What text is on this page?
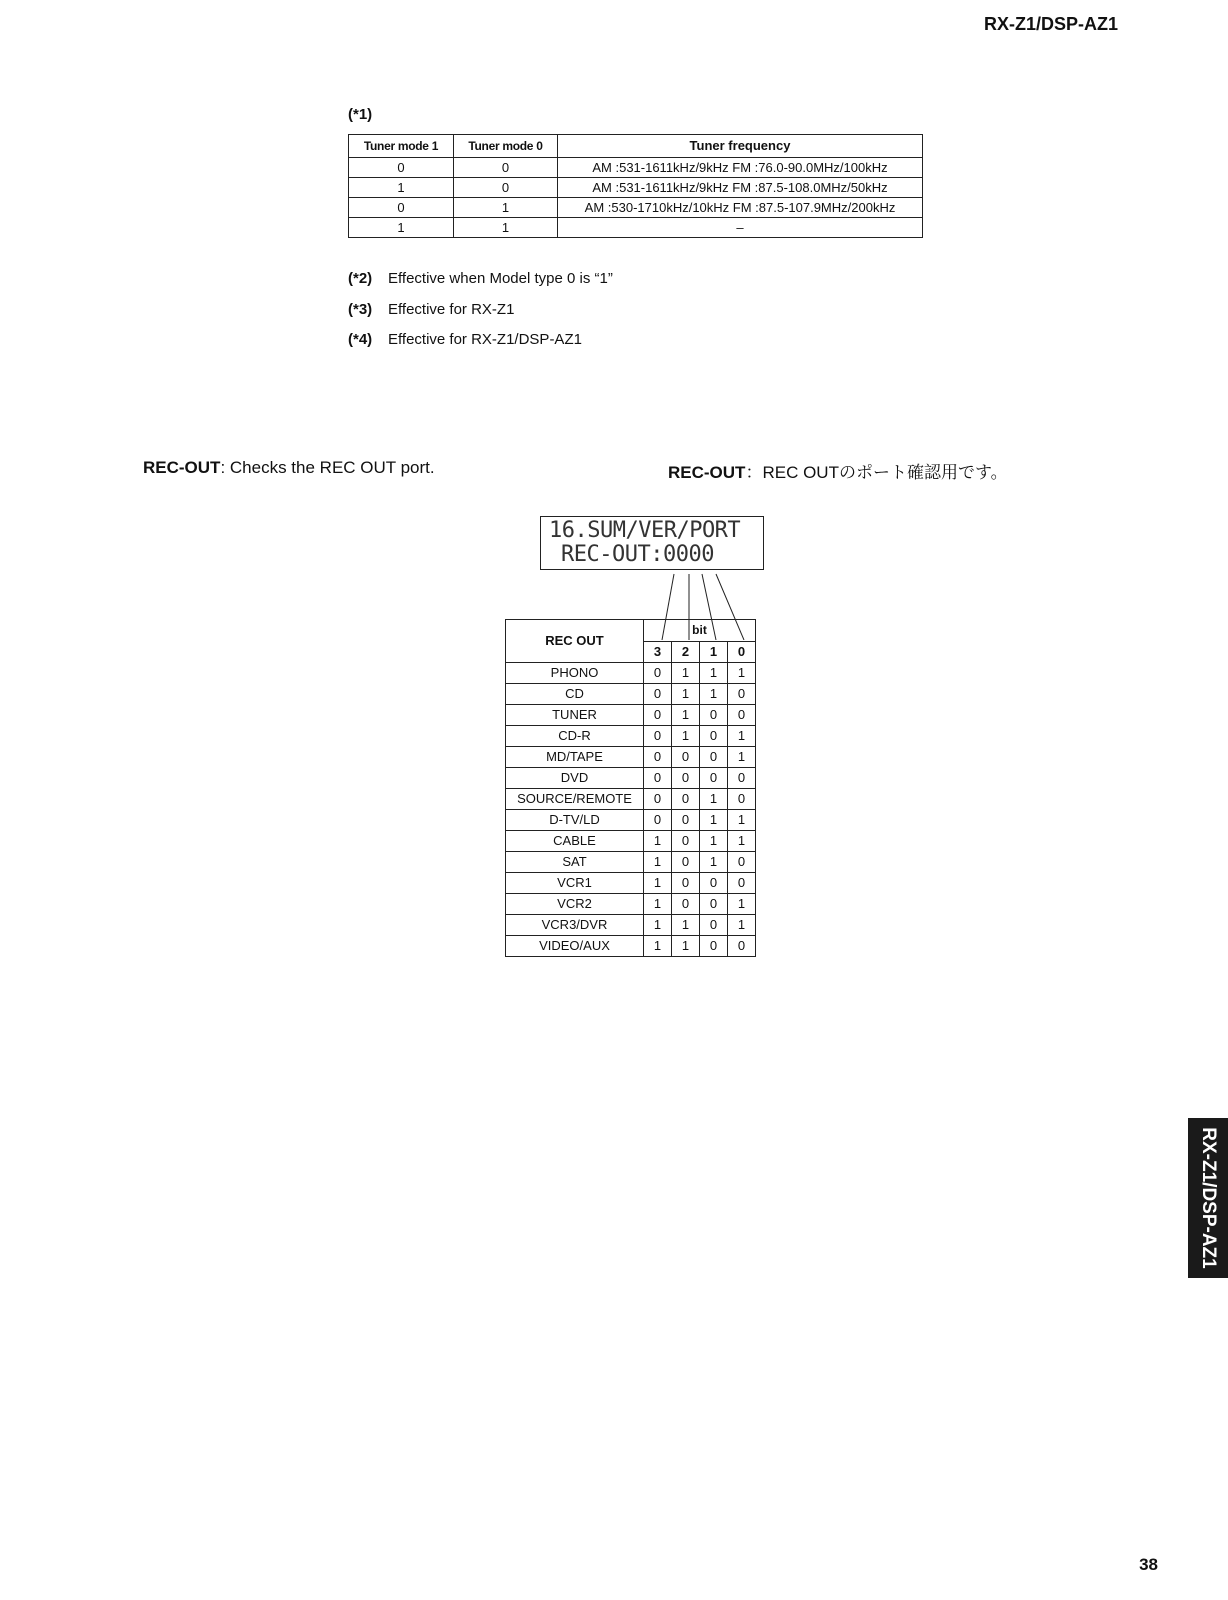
RX-Z1/DSP-AZ1
(*1)
Tuner mode 1	Tuner mode 0	Tuner frequency
0	0	AM :531-1611kHz/9kHz FM :76.0-90.0MHz/100kHz
1	0	AM :531-1611kHz/9kHz FM :87.5-108.0MHz/50kHz
0	1	AM :530-1710kHz/10kHz FM :87.5-107.9MHz/200kHz
1	1	–
(*2) Effective when Model type 0 is “1”
(*3) Effective for RX-Z1
(*4) Effective for RX-Z1/DSP-AZ1
REC-OUT: Checks the REC OUT port.	REC-OUT：REC OUTのポート確認用です。
16.SUM/VER/PORT
REC-OUT:0000
REC OUT	bit			
	3	2	1	0
PHONO	0	1	1	1
CD	0	1	1	0
TUNER	0	1	0	0
CD-R	0	1	0	1
MD/TAPE	0	0	0	1
DVD	0	0	0	0
SOURCE/REMOTE	0	0	1	0
D-TV/LD	0	0	1	1
CABLE	1	0	1	1
SAT	1	0	1	0
VCR1	1	0	0	0
VCR2	1	0	0	1
VCR3/DVR	1	1	0	1
VIDEO/AUX	1	1	0	0
RX-Z1/DSP-AZ1
38
